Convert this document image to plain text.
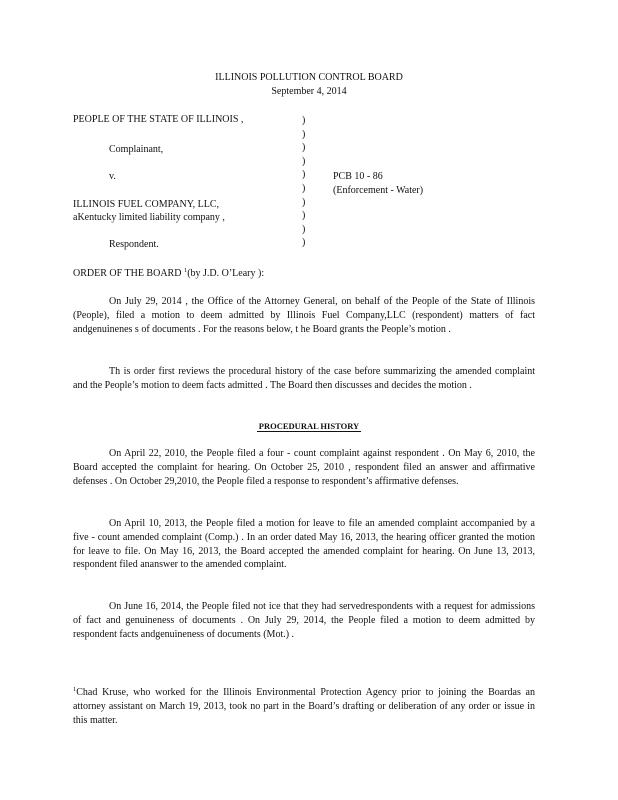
ILLINOIS POLLUTION CONTROL BOARD
September 4, 2014
PEOPLE OF THE STATE OF ILLINOIS ,
Complainant,
v.
ILLINOIS FUEL COMPANY, LLC,
aKentucky limited liability company ,
Respondent.
PCB 10 - 86
(Enforcement - Water)
)
)
)
)
)
)
)
)
)
)
ORDER OF THE BOARD $^1$(by J.D. O’Leary ):

On July 29, 2014 , the Office of the Attorney General, on behalf of the People of the State of Illinois (People), filed a motion to deem admitted by Illinois Fuel Company,LLC (respondent) matters of fact andgenuinenes s of documents . For the reasons below, t he Board grants the People’s motion .

Th is order first reviews the procedural history of the case before summarizing the amended complaint and the People’s motion to deem facts admitted . The Board then discusses and decides the motion .

PROCEDURAL HISTORY

On April 22, 2010, the People filed a four - count complaint against respondent . On May 6, 2010, the Board accepted the complaint for hearing. On October 25, 2010 , respondent filed an answer and affirmative defenses . On October 29,2010, the People filed a response to respondent’s affirmative defenses.

On April 10, 2013, the People filed a motion for leave to file an amended complaint accompanied by a five - count amended complaint (Comp.) . In an order dated May 16, 2013, the hearing officer granted the motion for leave to file. On May 16, 2013, the Board accepted the amended complaint for hearing. On June 13, 2013, respondent filed ananswer to the amended complaint.

On June 16, 2014, the People filed not ice that they had servedrespondents with a request for admissions of fact and genuineness of documents . On July 29, 2014, the People filed a motion to deem admitted by respondent facts andgenuineness of documents (Mot.) .

$^1$Chad Kruse, who worked for the Illinois Environmental Protection Agency prior to joining the Boardas an attorney assistant on March 19, 2013, took no part in the Board’s drafting or deliberation of any order or issue in this matter.
